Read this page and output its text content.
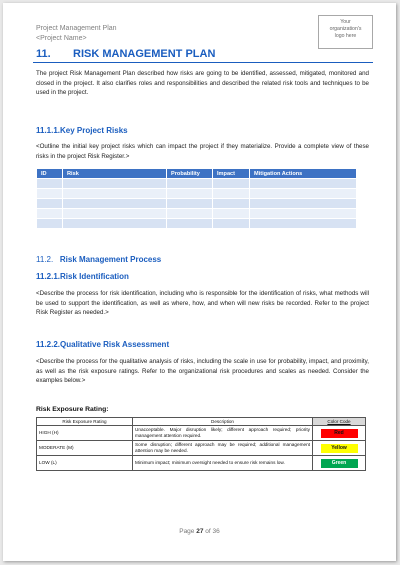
Project Management Plan
<Project Name>
Your
organization's
logo here
11. RISK MANAGEMENT PLAN

The project Risk Management Plan described how risks are going to be identified, assessed, mitigated, monitored and closed in the project. It also clarifies roles and responsibilities and described the related risk tools and techniques to be used in the project.

11.1.1.Key Project Risks

<Outline the initial key project risks which can impact the project if they materialize. Provide a complete view of these risks in the project Risk Register.>

ID	Risk	Probability	Impact	Mitigation Actions

11.2. Risk Management Process
11.2.1.Risk Identification

<Describe the process for risk identification, including who is responsible for the identification of risks, what methods will be used to support the identification, as well as where, how, and when will new risks be recorded. Refer to the project Risk Register as needed.>

11.2.2.Qualitative Risk Assessment

<Describe the process for the qualitative analysis of risks, including the scale in use for probability, impact, and proximity, as well as the risk exposure ratings. Refer to the organizational risk procedures and scales as needed. Consider the examples below.>

Risk Exposure Rating:
Risk Exposure Rating	Description	Color Code
HIGH (H)	Unacceptable. Major disruption likely; different approach required; priority management attention required.	Red

MODERATE (M)	Some disruption; different approach may be required; additional management attention may be needed.	Yellow

LOW (L)	Minimum impact; minimum oversight needed to ensure risk remains low.	Green
Page 27 of 36
